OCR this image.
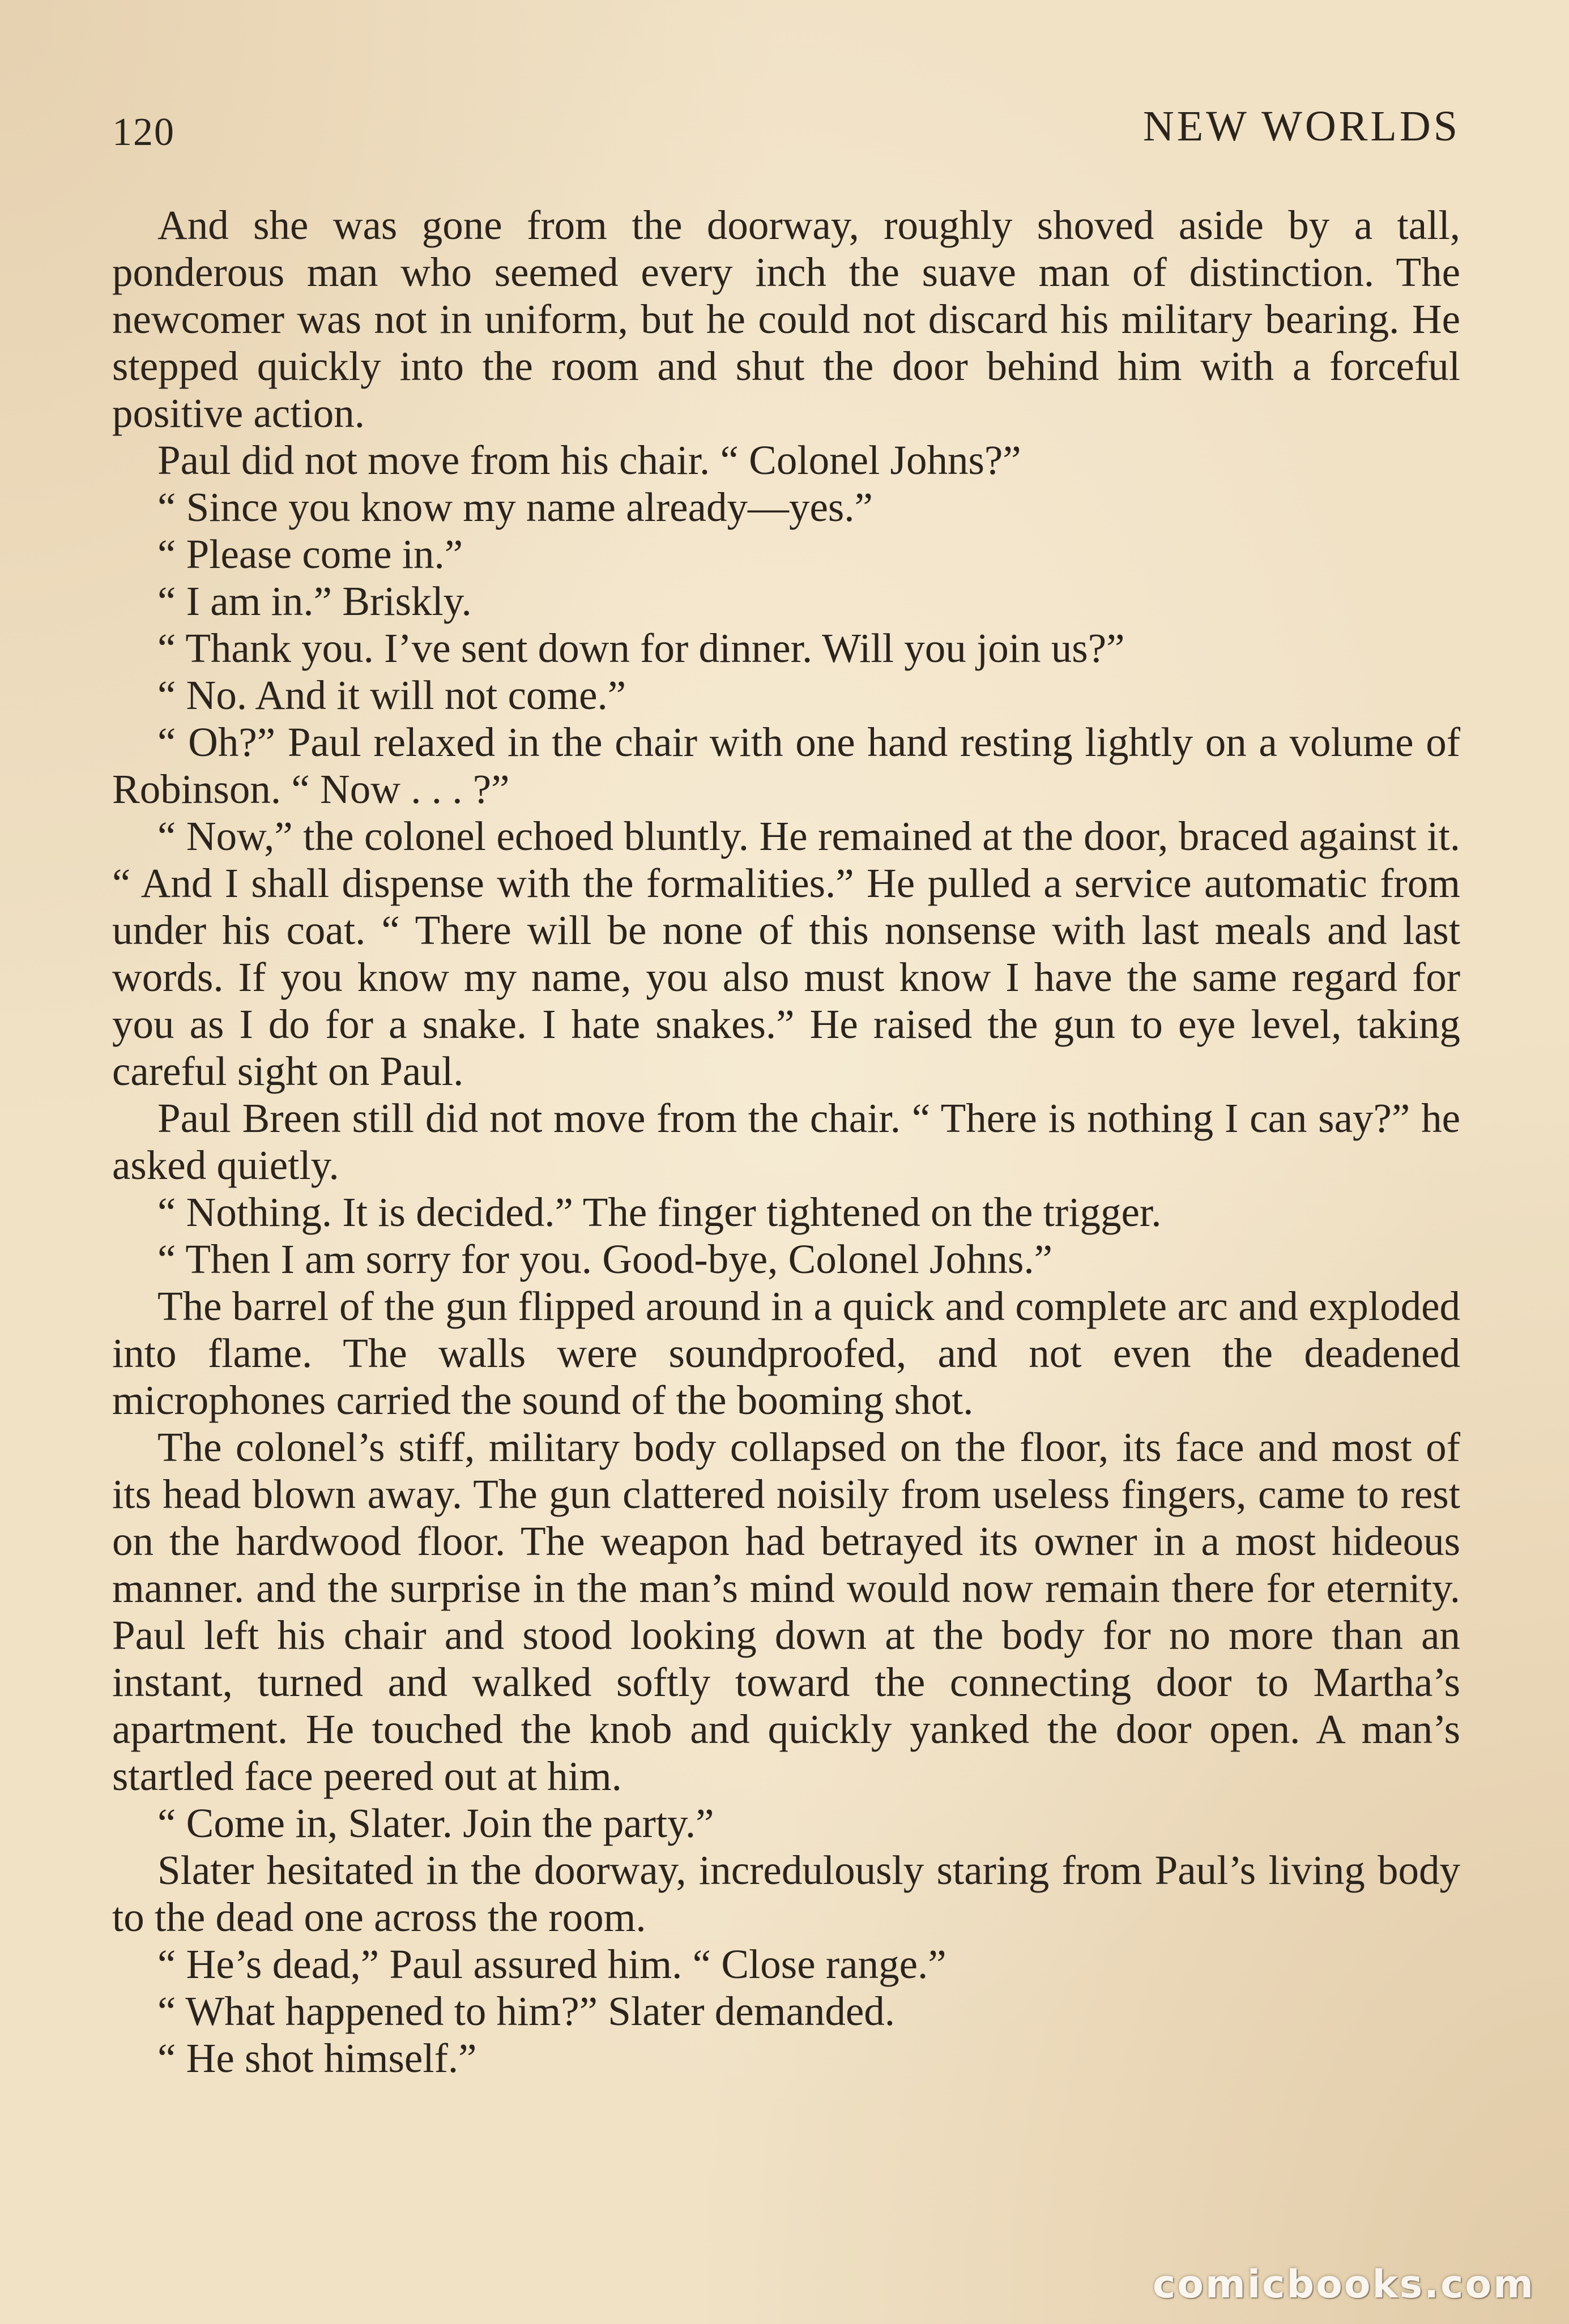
120	NEW WORLDS

And she was gone from the doorway, roughly shoved aside by a tall, ponderous man who seemed every inch the suave man of distinction. The newcomer was not in uniform, but he could not discard his military bearing. He stepped quickly into the room and shut the door behind him with a forceful positive action.

Paul did not move from his chair. “ Colonel Johns?”

“ Since you know my name already—yes.”

“ Please come in.”

“ I am in.” Briskly.

“ Thank you. I’ve sent down for dinner. Will you join us?”

“ No. And it will not come.”

“ Oh?” Paul relaxed in the chair with one hand resting lightly on a volume of Robinson. “ Now . . . ?”

“ Now,” the colonel echoed bluntly. He remained at the door, braced against it. “ And I shall dispense with the formalities.” He pulled a service automatic from under his coat. “ There will be none of this nonsense with last meals and last words. If you know my name, you also must know I have the same regard for you as I do for a snake. I hate snakes.” He raised the gun to eye level, taking careful sight on Paul.

Paul Breen still did not move from the chair. “ There is nothing I can say?” he asked quietly.

“ Nothing. It is decided.” The finger tightened on the trigger.

“ Then I am sorry for you. Good-bye, Colonel Johns.”

The barrel of the gun flipped around in a quick and complete arc and exploded into flame. The walls were soundproofed, and not even the deadened microphones carried the sound of the booming shot.

The colonel’s stiff, military body collapsed on the floor, its face and most of its head blown away. The gun clattered noisily from useless fingers, came to rest on the hardwood floor. The weapon had betrayed its owner in a most hideous manner. and the surprise in the man’s mind would now remain there for eternity. Paul left his chair and stood looking down at the body for no more than an instant, turned and walked softly toward the connecting door to Martha’s apartment. He touched the knob and quickly yanked the door open. A man’s startled face peered out at him.

“ Come in, Slater. Join the party.”

Slater hesitated in the doorway, incredulously staring from Paul’s living body to the dead one across the room.

“ He’s dead,” Paul assured him. “ Close range.”

“ What happened to him?” Slater demanded.

“ He shot himself.”

comicbooks.com
